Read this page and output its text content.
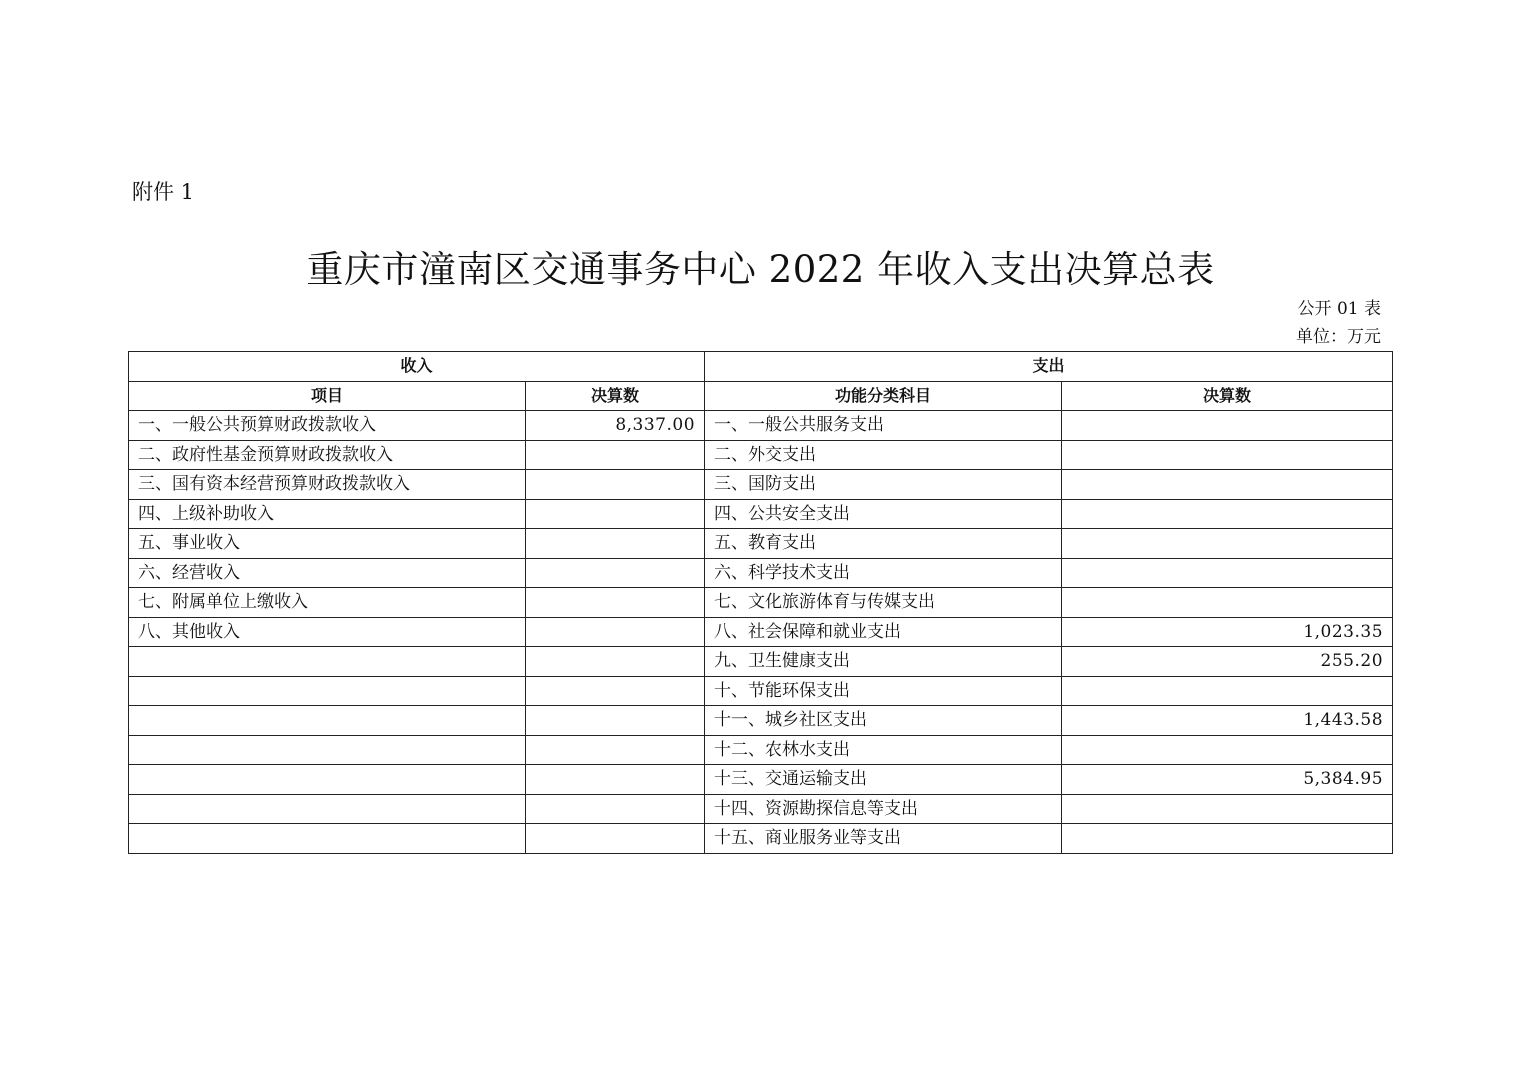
附件 1
重庆市潼南区交通事务中心 2022 年收入支出决算总表
公开 01 表
单位：万元
收入		支出	
项目	决算数	功能分类科目	决算数
一、一般公共预算财政拨款收入	8,337.00	一、一般公共服务支出	
二、政府性基金预算财政拨款收入		二、外交支出	
三、国有资本经营预算财政拨款收入		三、国防支出	
四、上级补助收入		四、公共安全支出	
五、事业收入		五、教育支出	
六、经营收入		六、科学技术支出	
七、附属单位上缴收入		七、文化旅游体育与传媒支出	
八、其他收入		八、社会保障和就业支出	1,023.35
		九、卫生健康支出	255.20
		十、节能环保支出	
		十一、城乡社区支出	1,443.58
		十二、农林水支出	
		十三、交通运输支出	5,384.95
		十四、资源勘探信息等支出	
		十五、商业服务业等支出	
